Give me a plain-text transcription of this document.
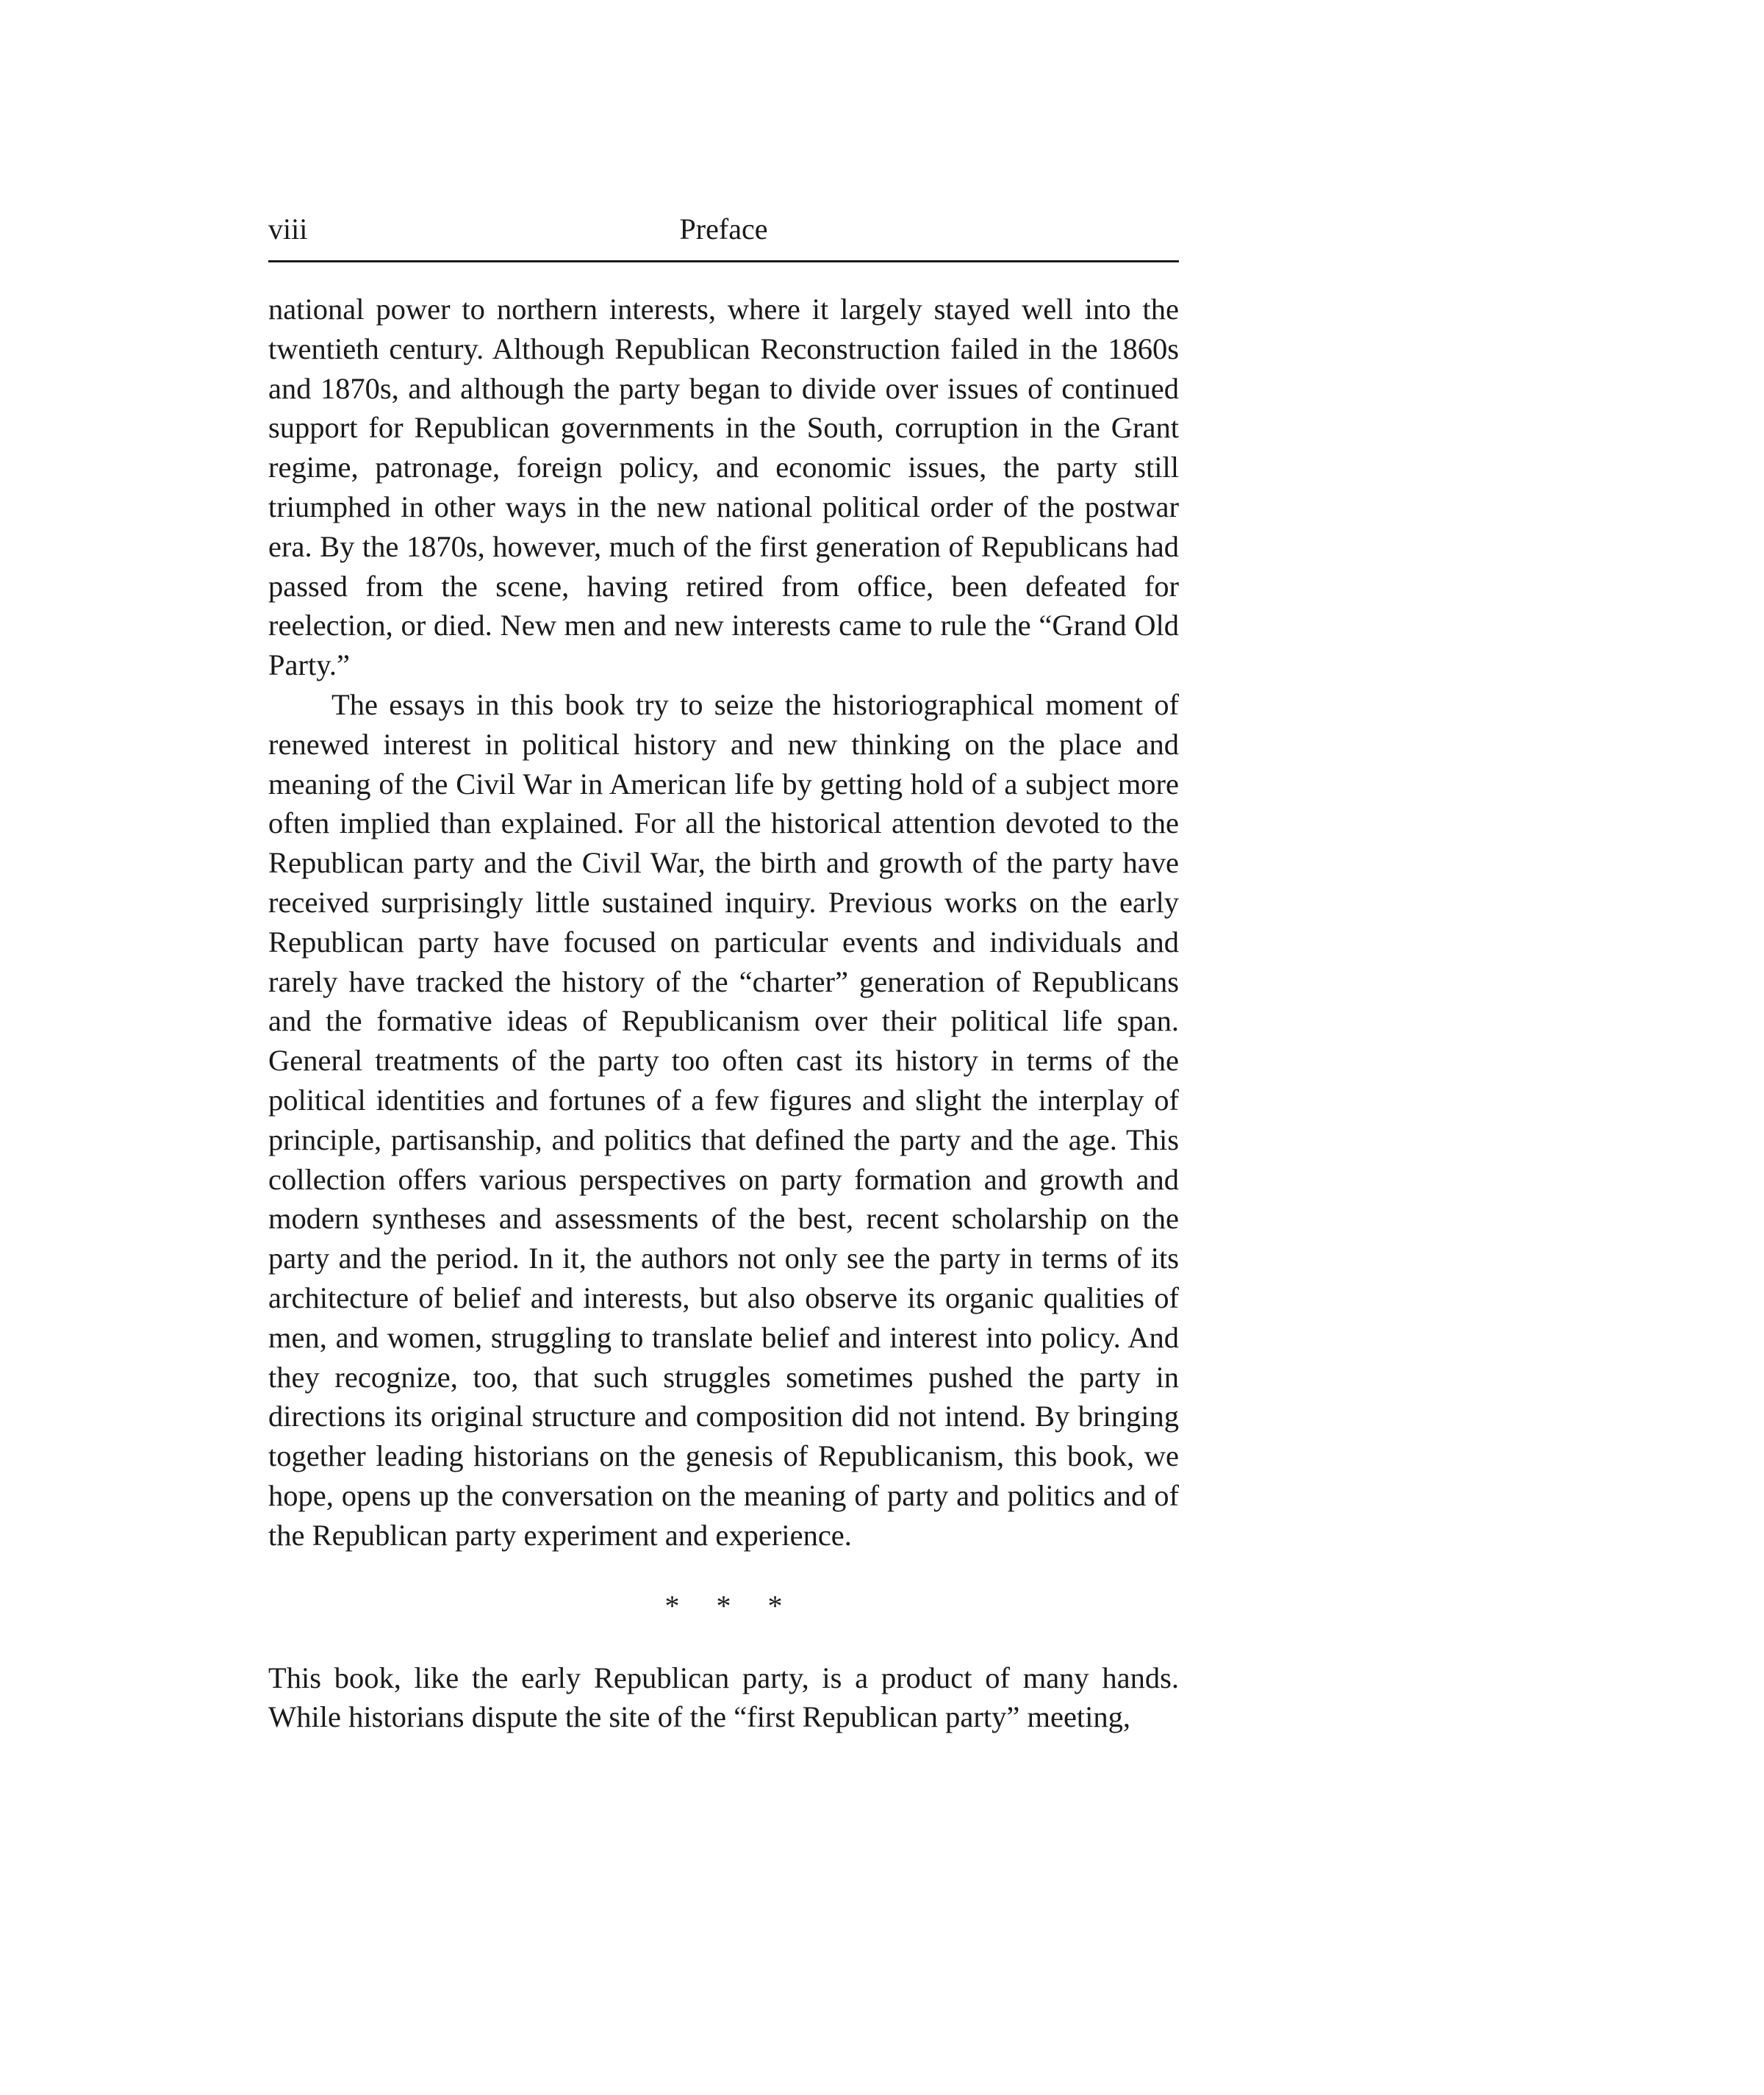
viii	Preface

national power to northern interests, where it largely stayed well into the twentieth century. Although Republican Reconstruction failed in the 1860s and 1870s, and although the party began to divide over issues of continued support for Republican governments in the South, corruption in the Grant regime, patronage, foreign policy, and economic issues, the party still triumphed in other ways in the new national political order of the postwar era. By the 1870s, however, much of the first generation of Republicans had passed from the scene, having retired from office, been defeated for reelection, or died. New men and new interests came to rule the “Grand Old Party.”

The essays in this book try to seize the historiographical moment of renewed interest in political history and new thinking on the place and meaning of the Civil War in American life by getting hold of a subject more often implied than explained. For all the historical attention devoted to the Republican party and the Civil War, the birth and growth of the party have received surprisingly little sustained inquiry. Previous works on the early Republican party have focused on particular events and individuals and rarely have tracked the history of the “charter” generation of Republicans and the formative ideas of Republicanism over their political life span. General treatments of the party too often cast its history in terms of the political identities and fortunes of a few figures and slight the interplay of principle, partisanship, and politics that defined the party and the age. This collection offers various perspectives on party formation and growth and modern syntheses and assessments of the best, recent scholarship on the party and the period. In it, the authors not only see the party in terms of its architecture of belief and interests, but also observe its organic qualities of men, and women, struggling to translate belief and interest into policy. And they recognize, too, that such struggles sometimes pushed the party in directions its original structure and composition did not intend. By bringing together leading historians on the genesis of Republicanism, this book, we hope, opens up the conversation on the meaning of party and politics and of the Republican party experiment and experience.

* * *

This book, like the early Republican party, is a product of many hands. While historians dispute the site of the “first Republican party” meeting,
